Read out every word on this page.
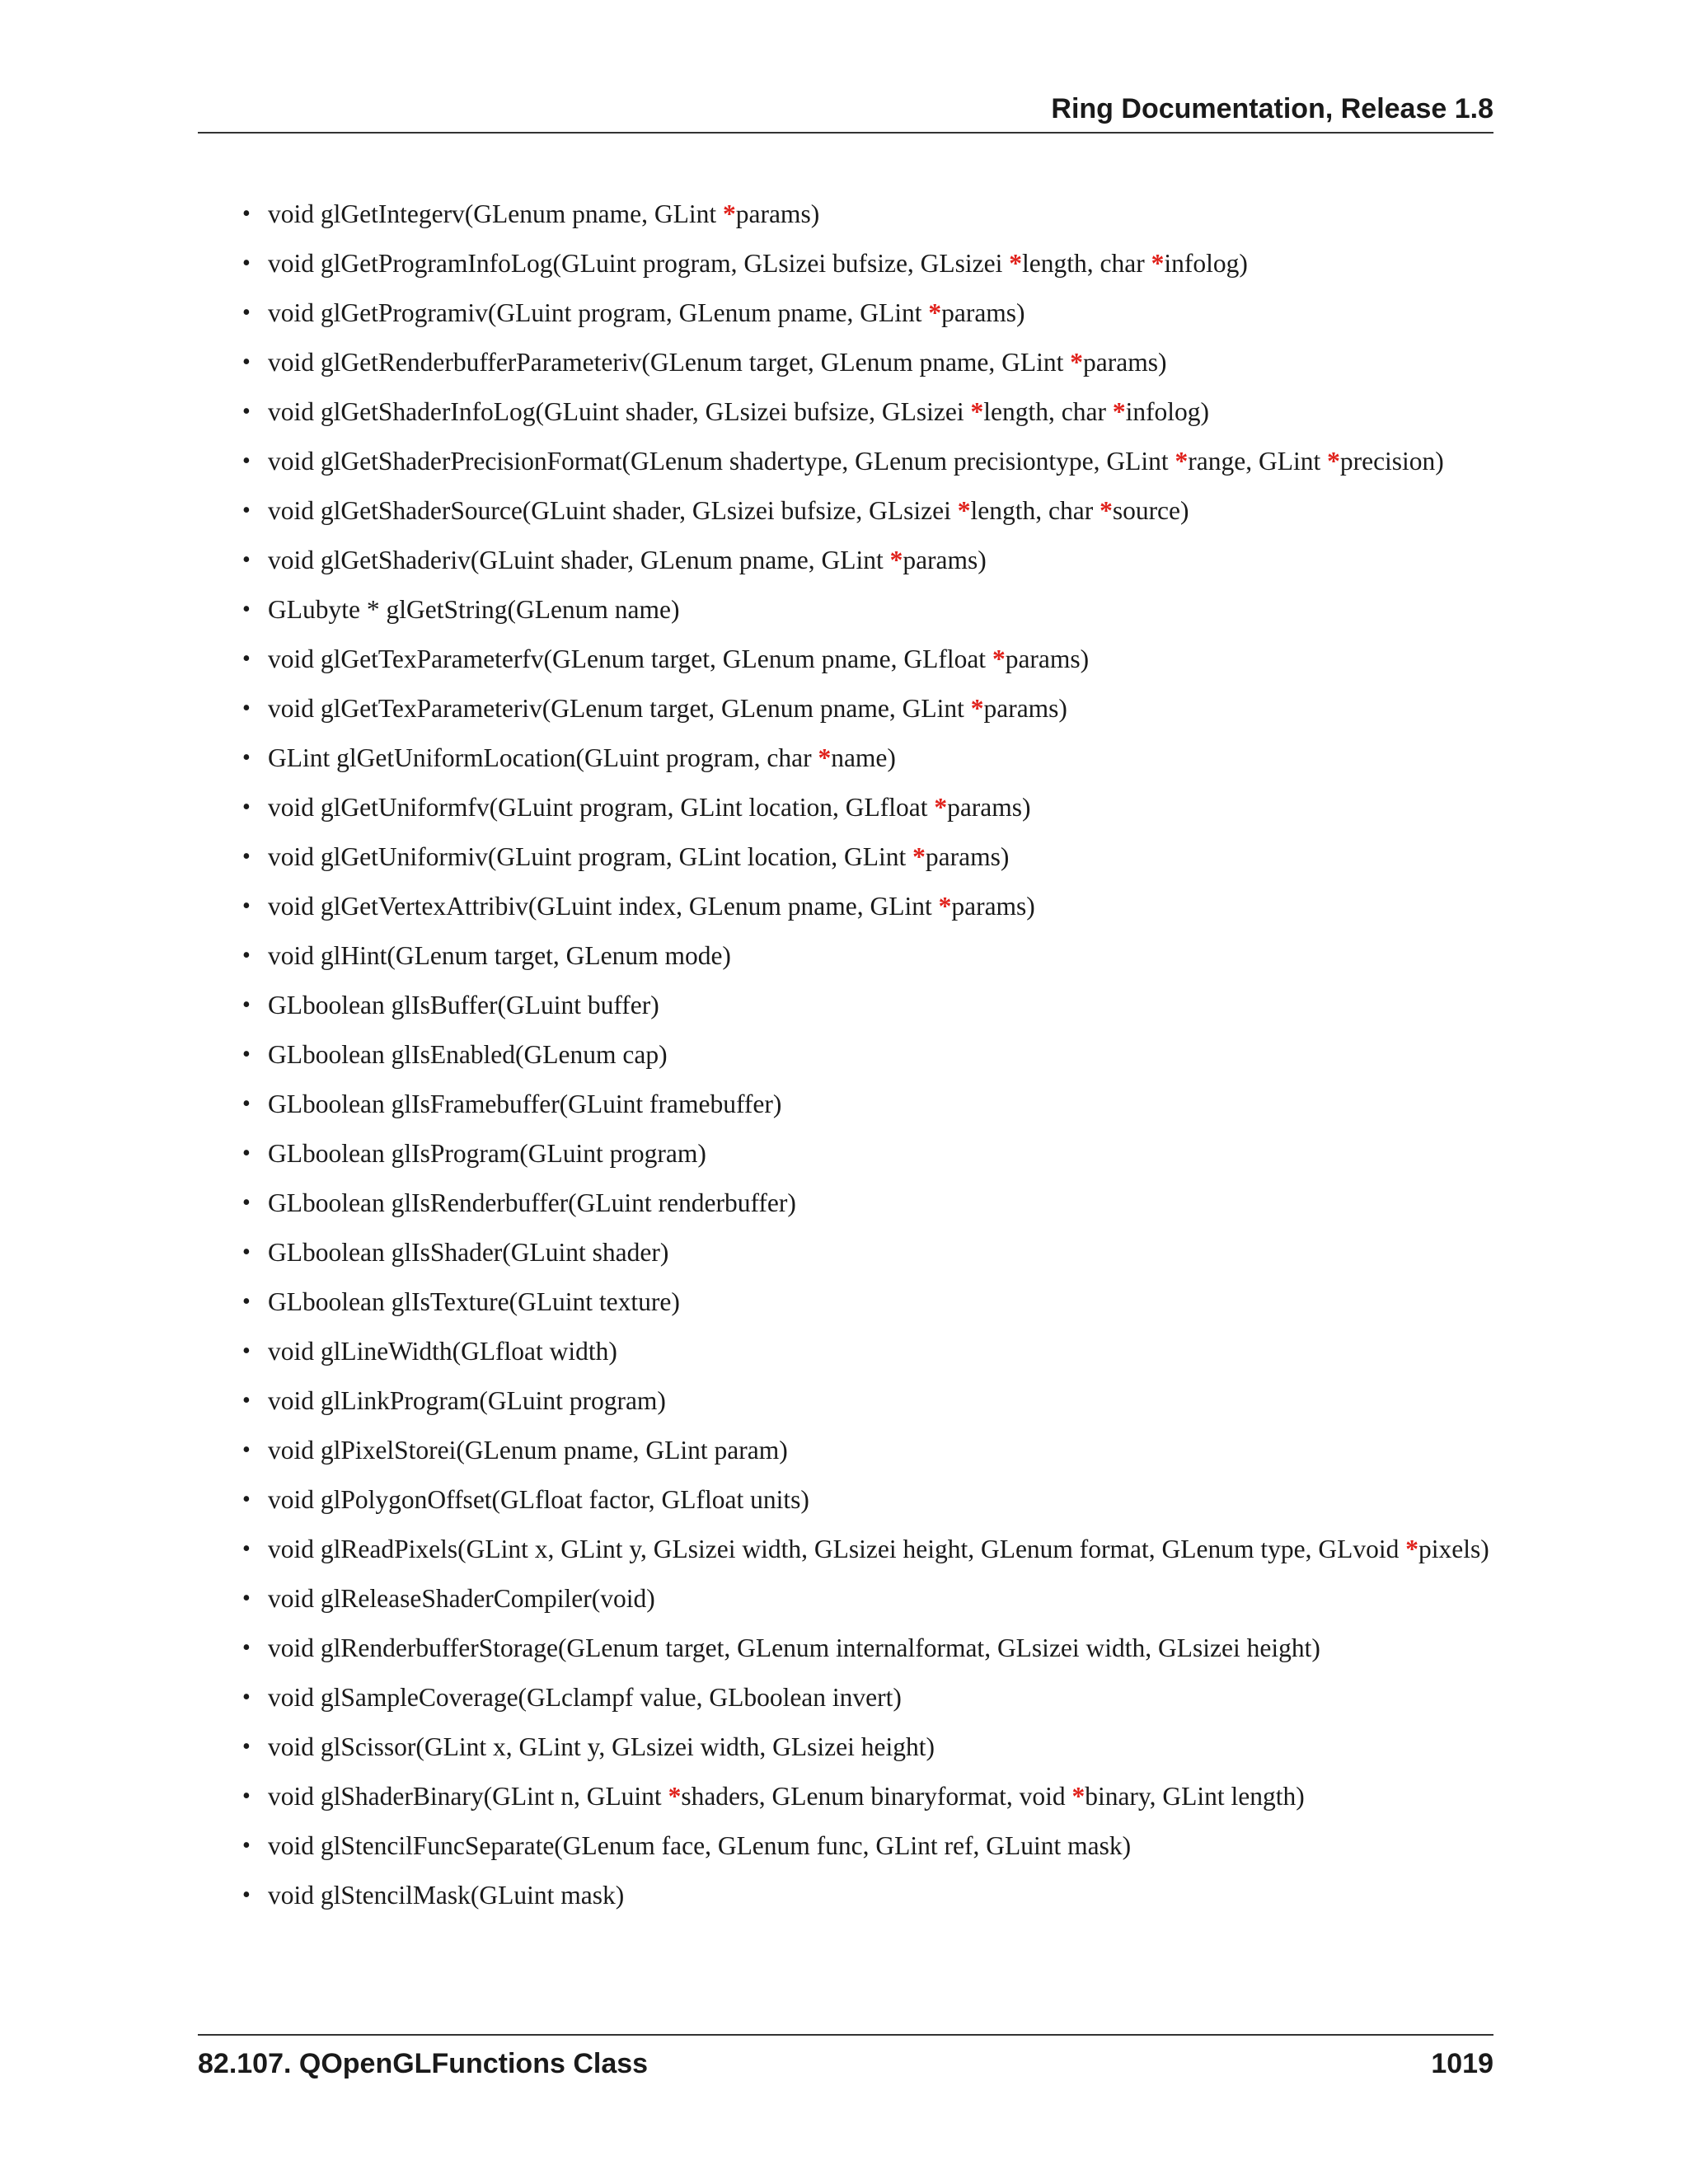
Ring Documentation, Release 1.8
• void glGetIntegerv(GLenum pname, GLint *params)
• void glGetProgramInfoLog(GLuint program, GLsizei bufsize, GLsizei *length, char *infolog)
• void glGetProgramiv(GLuint program, GLenum pname, GLint *params)
• void glGetRenderbufferParameteriv(GLenum target, GLenum pname, GLint *params)
• void glGetShaderInfoLog(GLuint shader, GLsizei bufsize, GLsizei *length, char *infolog)
• void glGetShaderPrecisionFormat(GLenum shadertype, GLenum precisiontype, GLint *range, GLint *precision)
• void glGetShaderSource(GLuint shader, GLsizei bufsize, GLsizei *length, char *source)
• void glGetShaderiv(GLuint shader, GLenum pname, GLint *params)
• GLubyte * glGetString(GLenum name)
• void glGetTexParameterfv(GLenum target, GLenum pname, GLfloat *params)
• void glGetTexParameteriv(GLenum target, GLenum pname, GLint *params)
• GLint glGetUniformLocation(GLuint program, char *name)
• void glGetUniformfv(GLuint program, GLint location, GLfloat *params)
• void glGetUniformiv(GLuint program, GLint location, GLint *params)
• void glGetVertexAttribiv(GLuint index, GLenum pname, GLint *params)
• void glHint(GLenum target, GLenum mode)
• GLboolean glIsBuffer(GLuint buffer)
• GLboolean glIsEnabled(GLenum cap)
• GLboolean glIsFramebuffer(GLuint framebuffer)
• GLboolean glIsProgram(GLuint program)
• GLboolean glIsRenderbuffer(GLuint renderbuffer)
• GLboolean glIsShader(GLuint shader)
• GLboolean glIsTexture(GLuint texture)
• void glLineWidth(GLfloat width)
• void glLinkProgram(GLuint program)
• void glPixelStorei(GLenum pname, GLint param)
• void glPolygonOffset(GLfloat factor, GLfloat units)
• void glReadPixels(GLint x, GLint y, GLsizei width, GLsizei height, GLenum format, GLenum type, GLvoid *pixels)
• void glReleaseShaderCompiler(void)
• void glRenderbufferStorage(GLenum target, GLenum internalformat, GLsizei width, GLsizei height)
• void glSampleCoverage(GLclampf value, GLboolean invert)
• void glScissor(GLint x, GLint y, GLsizei width, GLsizei height)
• void glShaderBinary(GLint n, GLuint *shaders, GLenum binaryformat, void *binary, GLint length)
• void glStencilFuncSeparate(GLenum face, GLenum func, GLint ref, GLuint mask)
• void glStencilMask(GLuint mask)
82.107. QOpenGLFunctions Class	1019
